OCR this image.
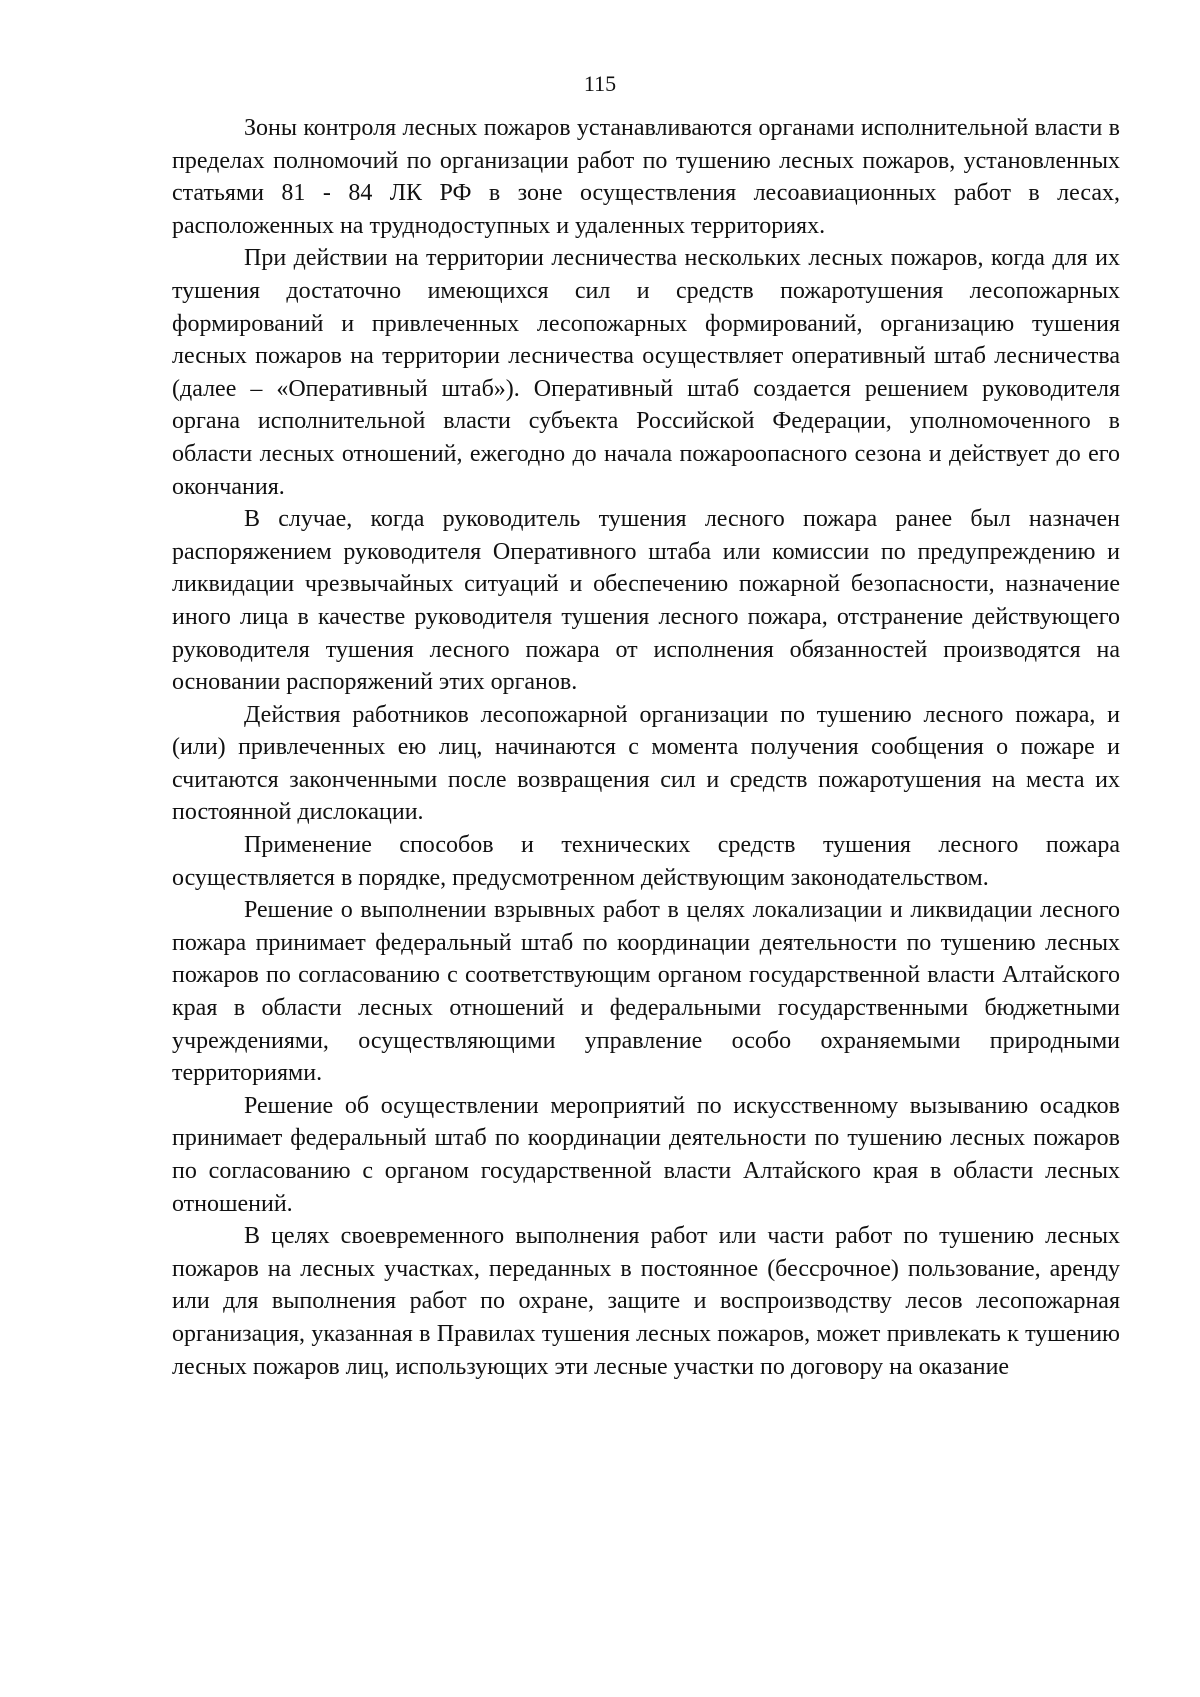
115

Зоны контроля лесных пожаров устанавливаются органами исполнительной власти в пределах полномочий по организации работ по тушению лесных пожаров, установленных статьями 81 - 84 ЛК РФ в зоне осуществления лесоавиационных работ в лесах, расположенных на труднодоступных и удаленных территориях.

При действии на территории лесничества нескольких лесных пожаров, когда для их тушения достаточно имеющихся сил и средств пожаротушения лесопожарных формирований и привлеченных лесопожарных формирований, организацию тушения лесных пожаров на территории лесничества осуществляет оперативный штаб лесничества (далее – «Оперативный штаб»). Оперативный штаб создается решением руководителя органа исполнительной власти субъекта Российской Федерации, уполномоченного в области лесных отношений, ежегодно до начала пожароопасного сезона и действует до его окончания.

В случае, когда руководитель тушения лесного пожара ранее был назначен распоряжением руководителя Оперативного штаба или комиссии по предупреждению и ликвидации чрезвычайных ситуаций и обеспечению пожарной безопасности, назначение иного лица в качестве руководителя тушения лесного пожара, отстранение действующего руководителя тушения лесного пожара от исполнения обязанностей производятся на основании распоряжений этих органов.

Действия работников лесопожарной организации по тушению лесного пожара, и (или) привлеченных ею лиц, начинаются с момента получения сообщения о пожаре и считаются законченными после возвращения сил и средств пожаротушения на места их постоянной дислокации.

Применение способов и технических средств тушения лесного пожара осуществляется в порядке, предусмотренном действующим законодательством.

Решение о выполнении взрывных работ в целях локализации и ликвидации лесного пожара принимает федеральный штаб по координации деятельности по тушению лесных пожаров по согласованию с соответствующим органом государственной власти Алтайского края в области лесных отношений и федеральными государственными бюджетными учреждениями, осуществляющими управление особо охраняемыми природными территориями.

Решение об осуществлении мероприятий по искусственному вызыванию осадков принимает федеральный штаб по координации деятельности по тушению лесных пожаров по согласованию с органом государственной власти Алтайского края в области лесных отношений.

В целях своевременного выполнения работ или части работ по тушению лесных пожаров на лесных участках, переданных в постоянное (бессрочное) пользование, аренду или для выполнения работ по охране, защите и воспроизводству лесов лесопожарная организация, указанная в Правилах тушения лесных пожаров, может привлекать к тушению лесных пожаров лиц, использующих эти лесные участки по договору на оказание
